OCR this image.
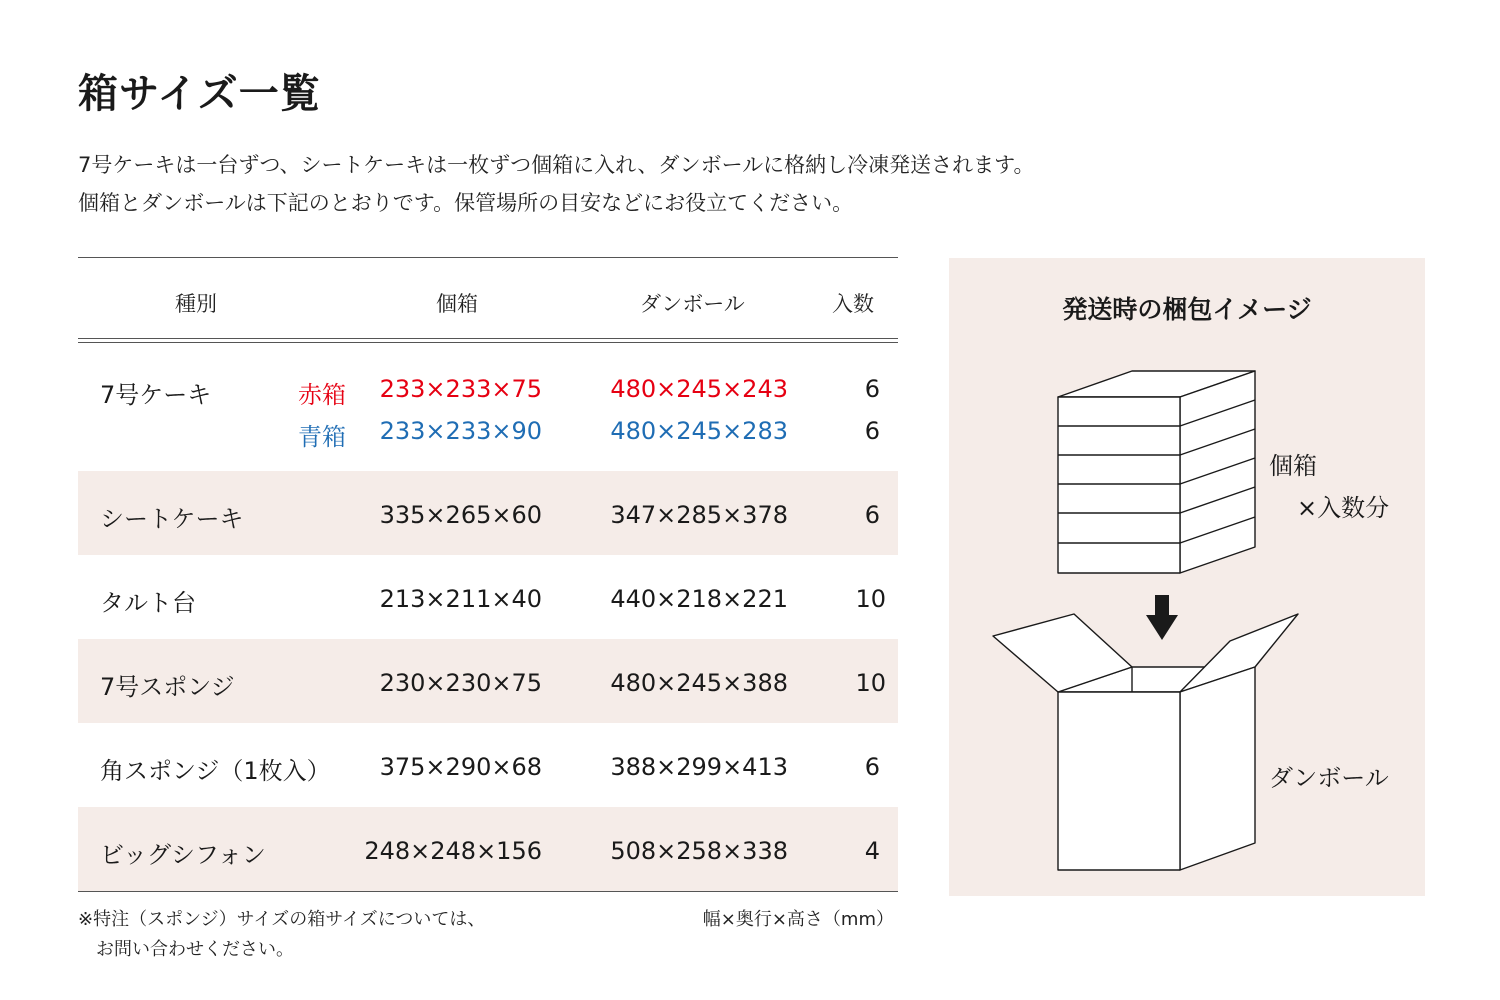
箱サイズ一覧
7号ケーキは一台ずつ、シートケーキは一枚ずつ個箱に入れ、ダンボールに格納し冷凍発送されます。
個箱とダンボールは下記のとおりです。保管場所の目安などにお役立てください。
種別	個箱	ダンボール	入数
7号ケーキ	赤箱 233×233×75	480×245×243	6
青箱 233×233×90	480×245×283	6
シートケーキ	335×265×60	347×285×378	6
タルト台	213×211×40	440×218×221	10
7号スポンジ	230×230×75	480×245×388	10
角スポンジ（1枚入） 375×290×68	388×299×413	6
ビッグシフォン	248×248×156	508×258×338	4
※特注（スポンジ）サイズの箱サイズについては、
お問い合わせください。
幅×奥行×高さ（mm）
発送時の梱包イメージ
個箱
×入数分
ダンボール
